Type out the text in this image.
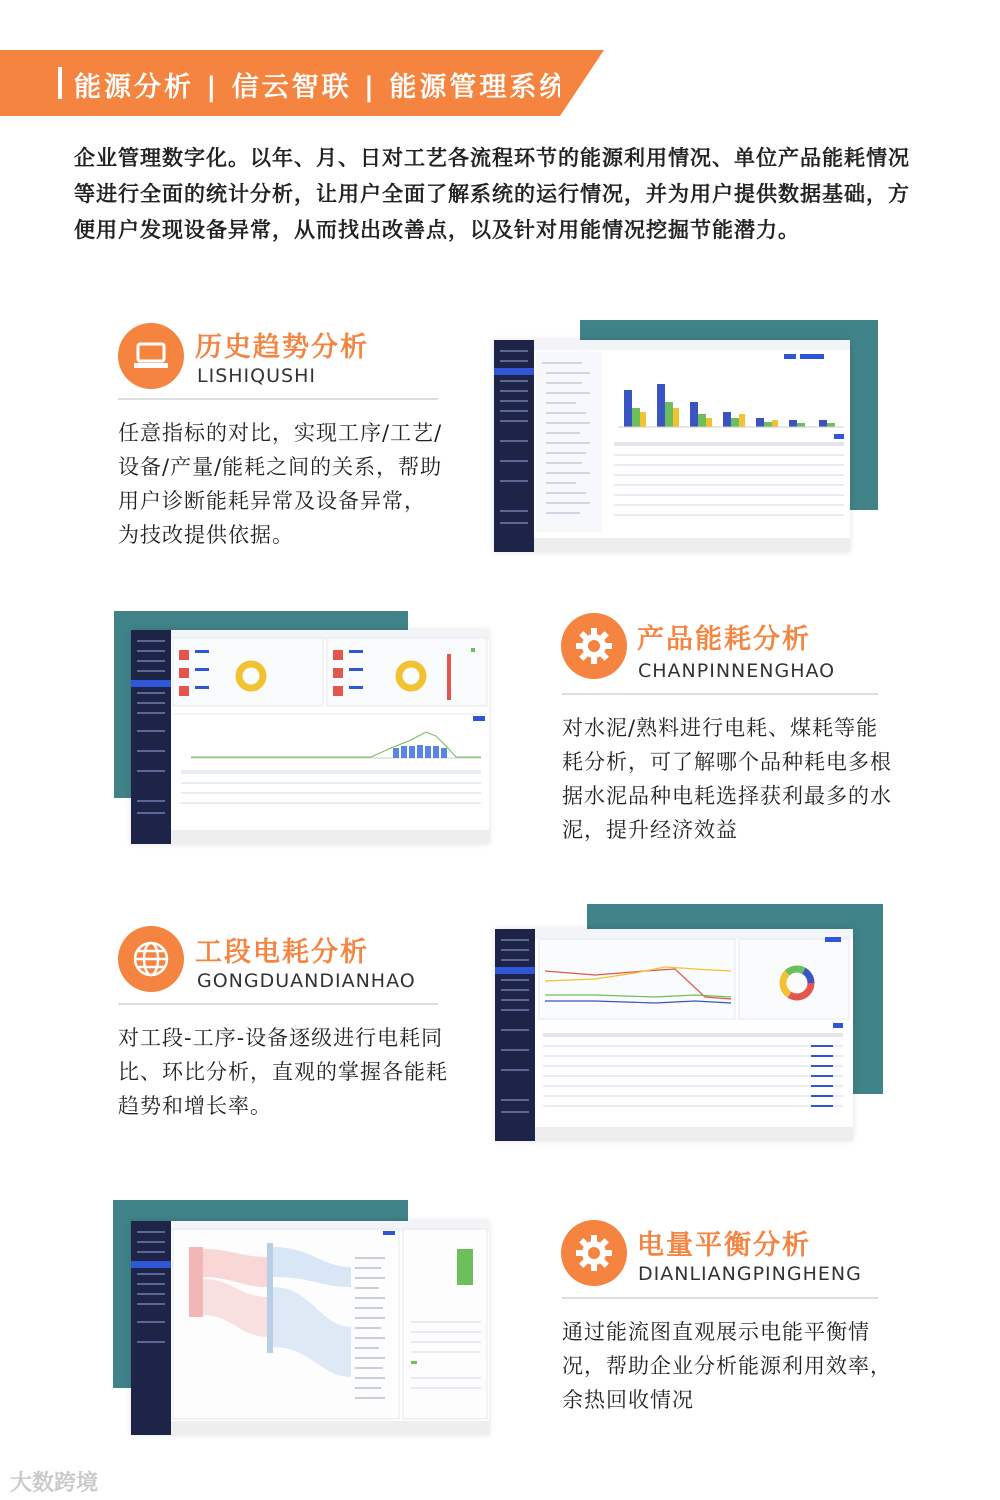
能源分析 | 信云智联 | 能源管理系统
企业管理数字化。以年、月、日对工艺各流程环节的能源利用情况、单位产品能耗情况等进行全面的统计分析，让用户全面了解系统的运行情况，并为用户提供数据基础，方便用户发现设备异常，从而找出改善点，以及针对用能情况挖掘节能潜力。
历史趋势分析
LISHIQUSHI
任意指标的对比，实现工序/工艺/设备/产量/能耗之间的关系，帮助用户诊断能耗异常及设备异常，为技改提供依据。
产品能耗分析
CHANPINNENGHAO
对水泥/熟料进行电耗、煤耗等能耗分析，可了解哪个品种耗电多根据水泥品种电耗选择获利最多的水泥，提升经济效益
工段电耗分析
GONGDUANDIANHAO
对工段-工序-设备逐级进行电耗同比、环比分析，直观的掌握各能耗趋势和增长率。
电量平衡分析
DIANLIANGPINGHENG
通过能流图直观展示电能平衡情况，帮助企业分析能源利用效率，余热回收情况
大数跨境
